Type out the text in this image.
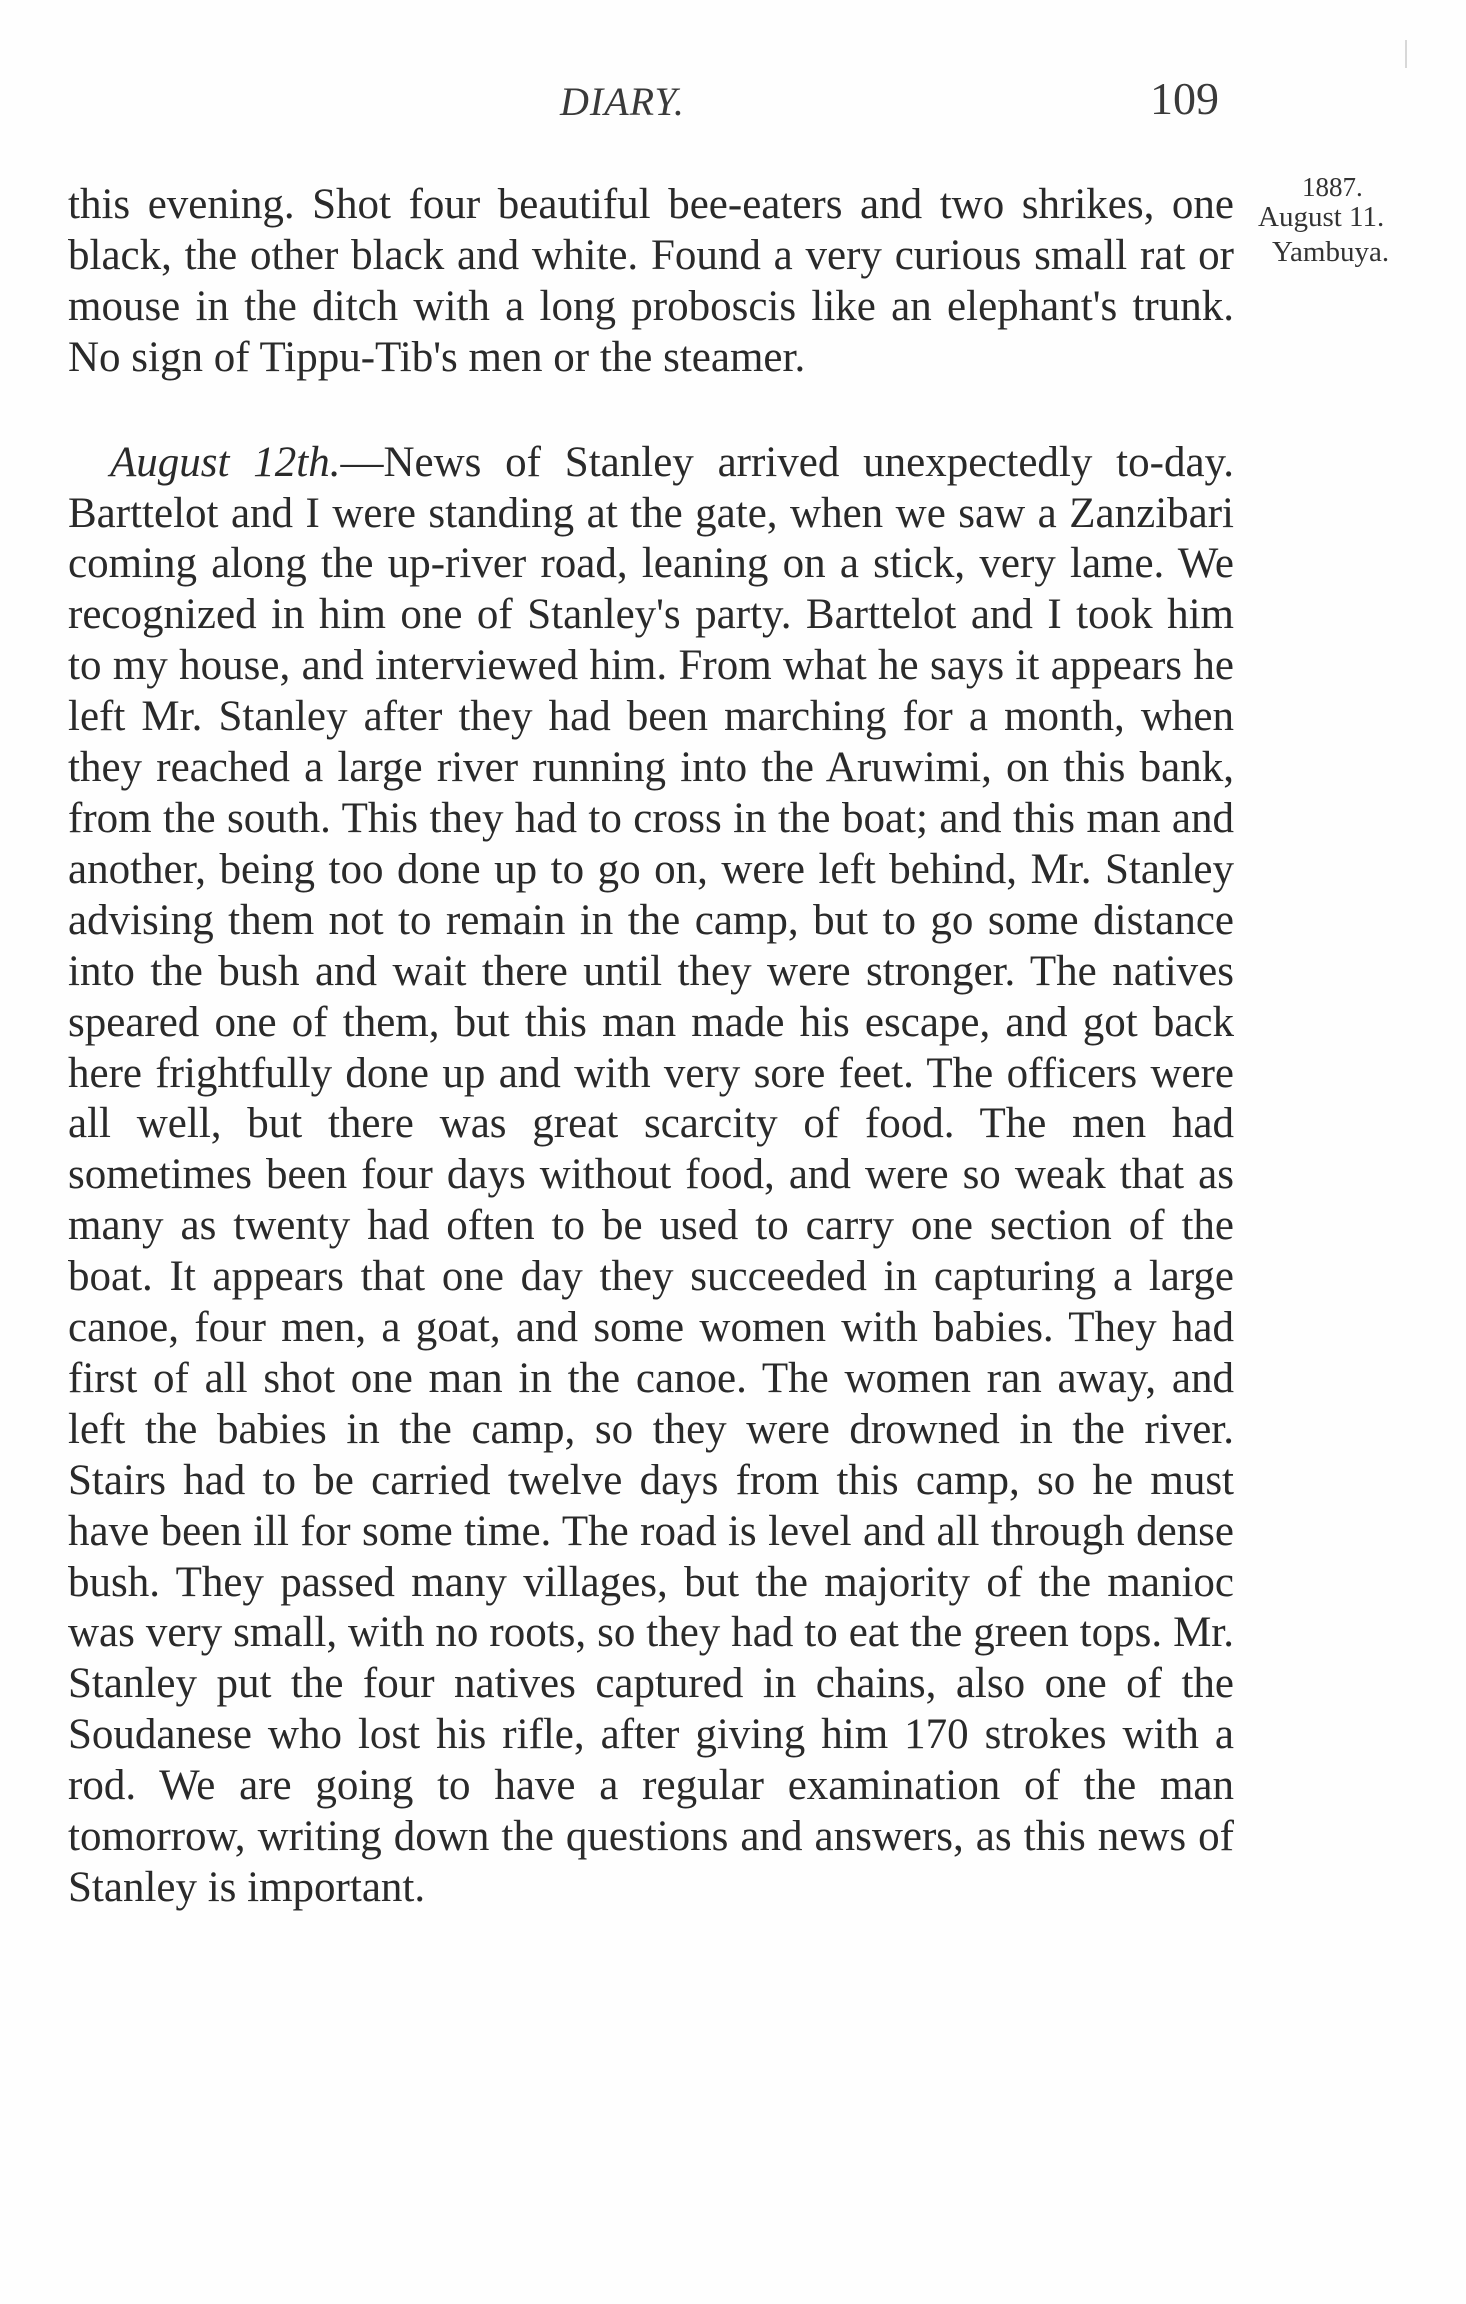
DIARY.	109
1887.
August 11.
Yambuya.

this evening. Shot four beautiful bee-eaters and two shrikes, one black, the other black and white. Found a very curious small rat or mouse in the ditch with a long proboscis like an elephant's trunk. No sign of Tippu-Tib's men or the steamer.

August 12th.—News of Stanley arrived unexpectedly to-day. Barttelot and I were standing at the gate, when we saw a Zanzibari coming along the up-river road, leaning on a stick, very lame. We recognized in him one of Stanley's party. Barttelot and I took him to my house, and interviewed him. From what he says it appears he left Mr. Stanley after they had been marching for a month, when they reached a large river running into the Aruwimi, on this bank, from the south. This they had to cross in the boat; and this man and another, being too done up to go on, were left behind, Mr. Stanley advising them not to remain in the camp, but to go some distance into the bush and wait there until they were stronger. The natives speared one of them, but this man made his escape, and got back here frightfully done up and with very sore feet. The officers were all well, but there was great scarcity of food. The men had sometimes been four days without food, and were so weak that as many as twenty had often to be used to carry one section of the boat. It appears that one day they succeeded in capturing a large canoe, four men, a goat, and some women with babies. They had first of all shot one man in the canoe. The women ran away, and left the babies in the camp, so they were drowned in the river. Stairs had to be carried twelve days from this camp, so he must have been ill for some time. The road is level and all through dense bush. They passed many villages, but the majority of the manioc was very small, with no roots, so they had to eat the green tops. Mr. Stanley put the four natives captured in chains, also one of the Soudanese who lost his rifle, after giving him 170 strokes with a rod. We are going to have a regular examination of the man tomorrow, writing down the questions and answers, as this news of Stanley is important.
